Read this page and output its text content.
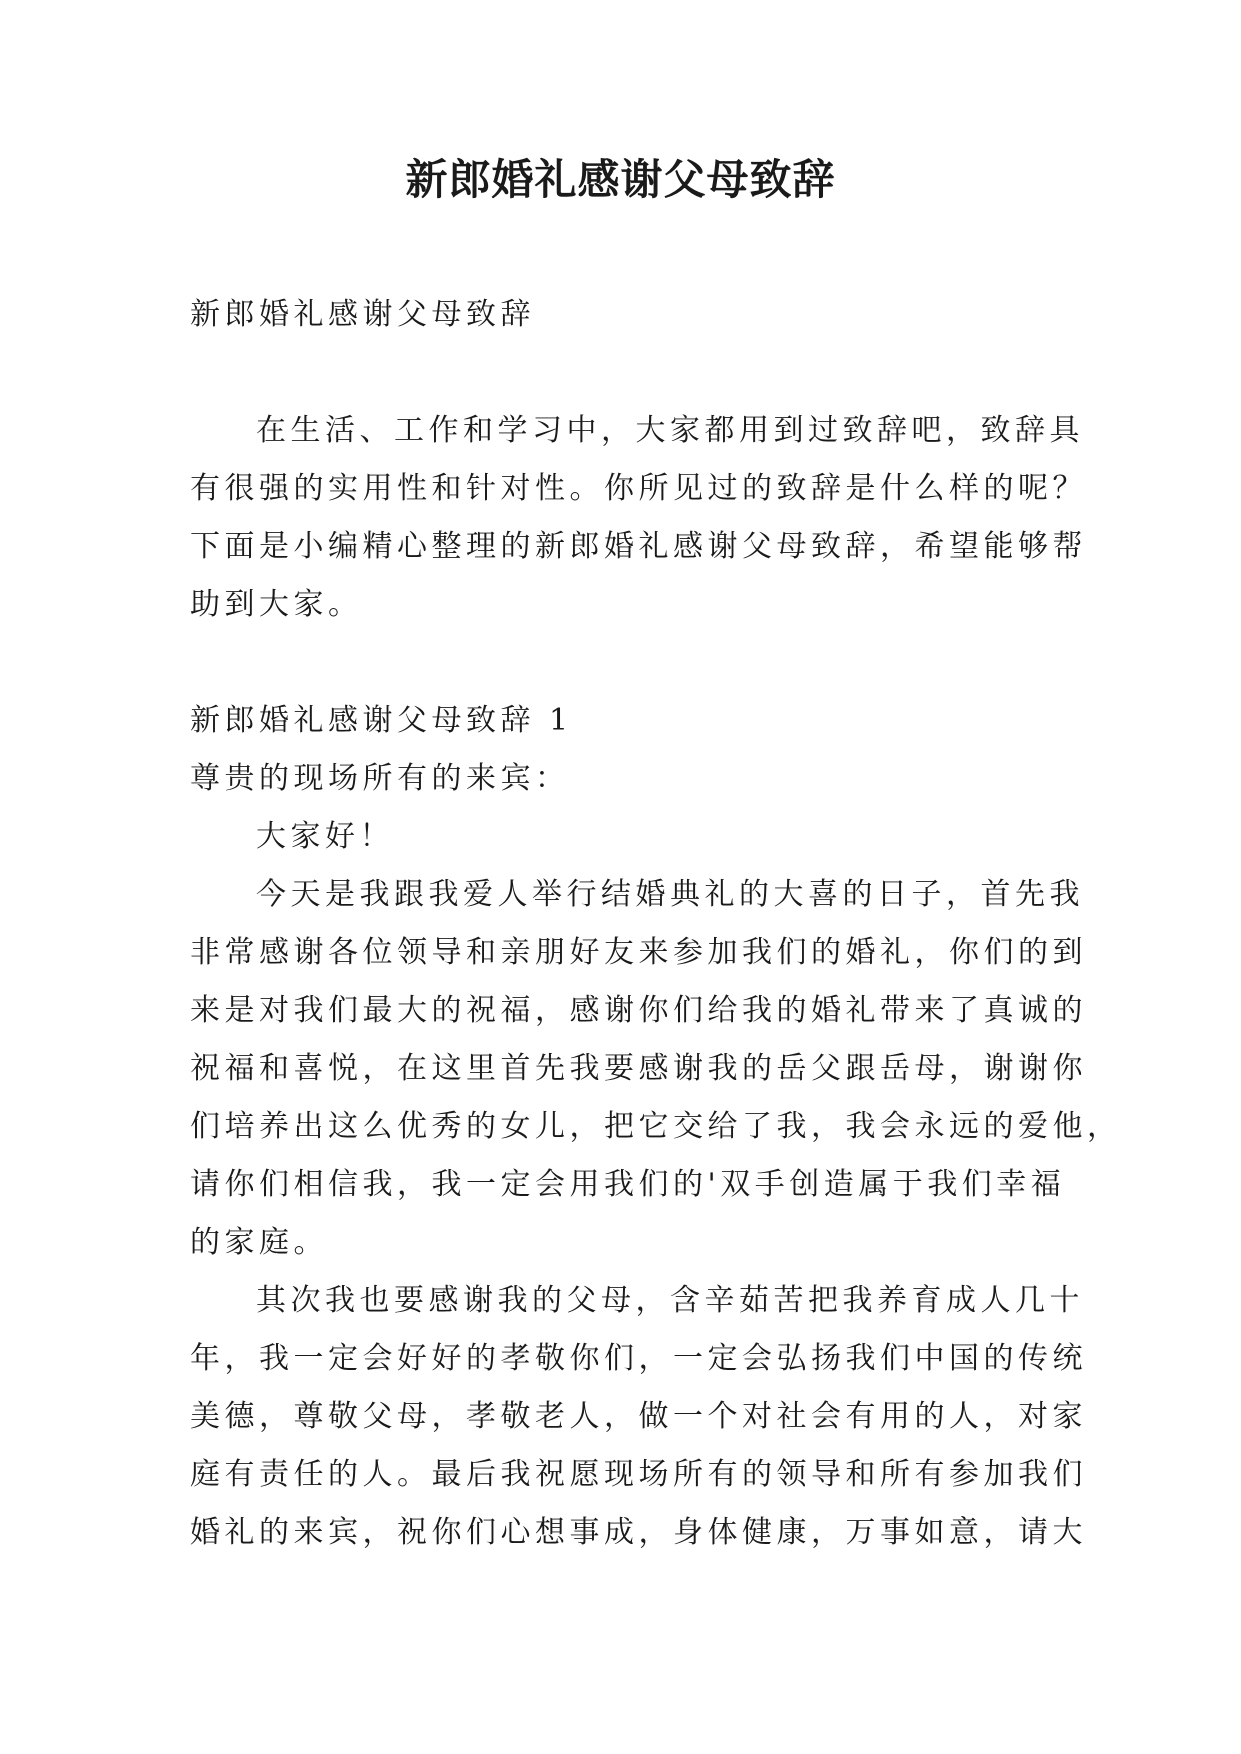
新郎婚礼感谢父母致辞
新郎婚礼感谢父母致辞
在生活、工作和学习中，大家都用到过致辞吧，致辞具
有很强的实用性和针对性。你所见过的致辞是什么样的呢？
下面是小编精心整理的新郎婚礼感谢父母致辞，希望能够帮
助到大家。
新郎婚礼感谢父母致辞 1
尊贵的现场所有的来宾：
大家好！
今天是我跟我爱人举行结婚典礼的大喜的日子，首先我
非常感谢各位领导和亲朋好友来参加我们的婚礼，你们的到
来是对我们最大的祝福，感谢你们给我的婚礼带来了真诚的
祝福和喜悦，在这里首先我要感谢我的岳父跟岳母，谢谢你
们培养出这么优秀的女儿，把它交给了我，我会永远的爱他，
请你们相信我，我一定会用我们的'双手创造属于我们幸福
的家庭。
其次我也要感谢我的父母，含辛茹苦把我养育成人几十
年，我一定会好好的孝敬你们，一定会弘扬我们中国的传统
美德，尊敬父母，孝敬老人，做一个对社会有用的人，对家
庭有责任的人。最后我祝愿现场所有的领导和所有参加我们
婚礼的来宾，祝你们心想事成，身体健康，万事如意，请大
